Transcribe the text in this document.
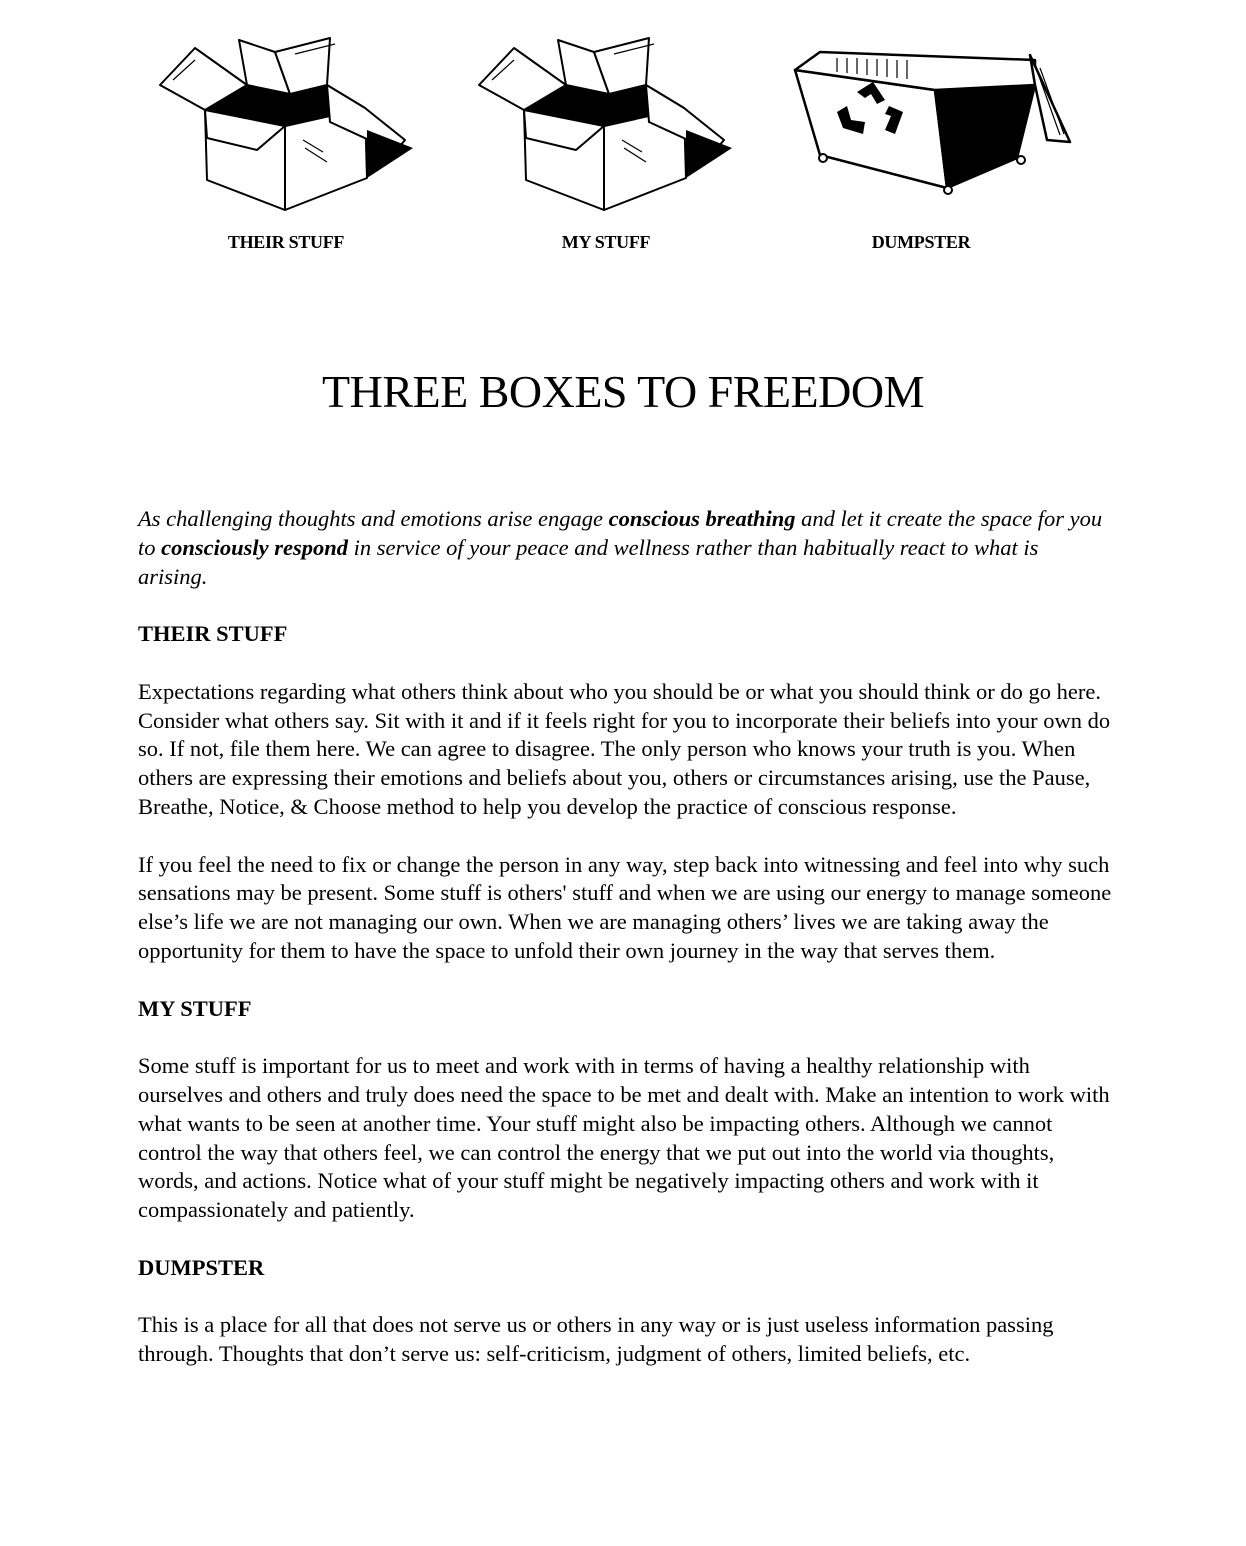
THEIR STUFF	MY STUFF	DUMPSTER
THREE BOXES TO FREEDOM

As challenging thoughts and emotions arise engage conscious breathing and let it create the space for you to consciously respond in service of your peace and wellness rather than habitually react to what is arising.

THEIR STUFF

Expectations regarding what others think about who you should be or what you should think or do go here. Consider what others say. Sit with it and if it feels right for you to incorporate their beliefs into your own do so. If not, file them here. We can agree to disagree. The only person who knows your truth is you. When others are expressing their emotions and beliefs about you, others or circumstances arising, use the Pause, Breathe, Notice, & Choose method to help you develop the practice of conscious response.

If you feel the need to fix or change the person in any way, step back into witnessing and feel into why such sensations may be present. Some stuff is others' stuff and when we are using our energy to manage someone else’s life we are not managing our own. When we are managing others’ lives we are taking away the opportunity for them to have the space to unfold their own journey in the way that serves them.

MY STUFF

Some stuff is important for us to meet and work with in terms of having a healthy relationship with ourselves and others and truly does need the space to be met and dealt with. Make an intention to work with what wants to be seen at another time. Your stuff might also be impacting others. Although we cannot control the way that others feel, we can control the energy that we put out into the world via thoughts, words, and actions. Notice what of your stuff might be negatively impacting others and work with it compassionately and patiently.

DUMPSTER

This is a place for all that does not serve us or others in any way or is just useless information passing through. Thoughts that don’t serve us: self-criticism, judgment of others, limited beliefs, etc.
